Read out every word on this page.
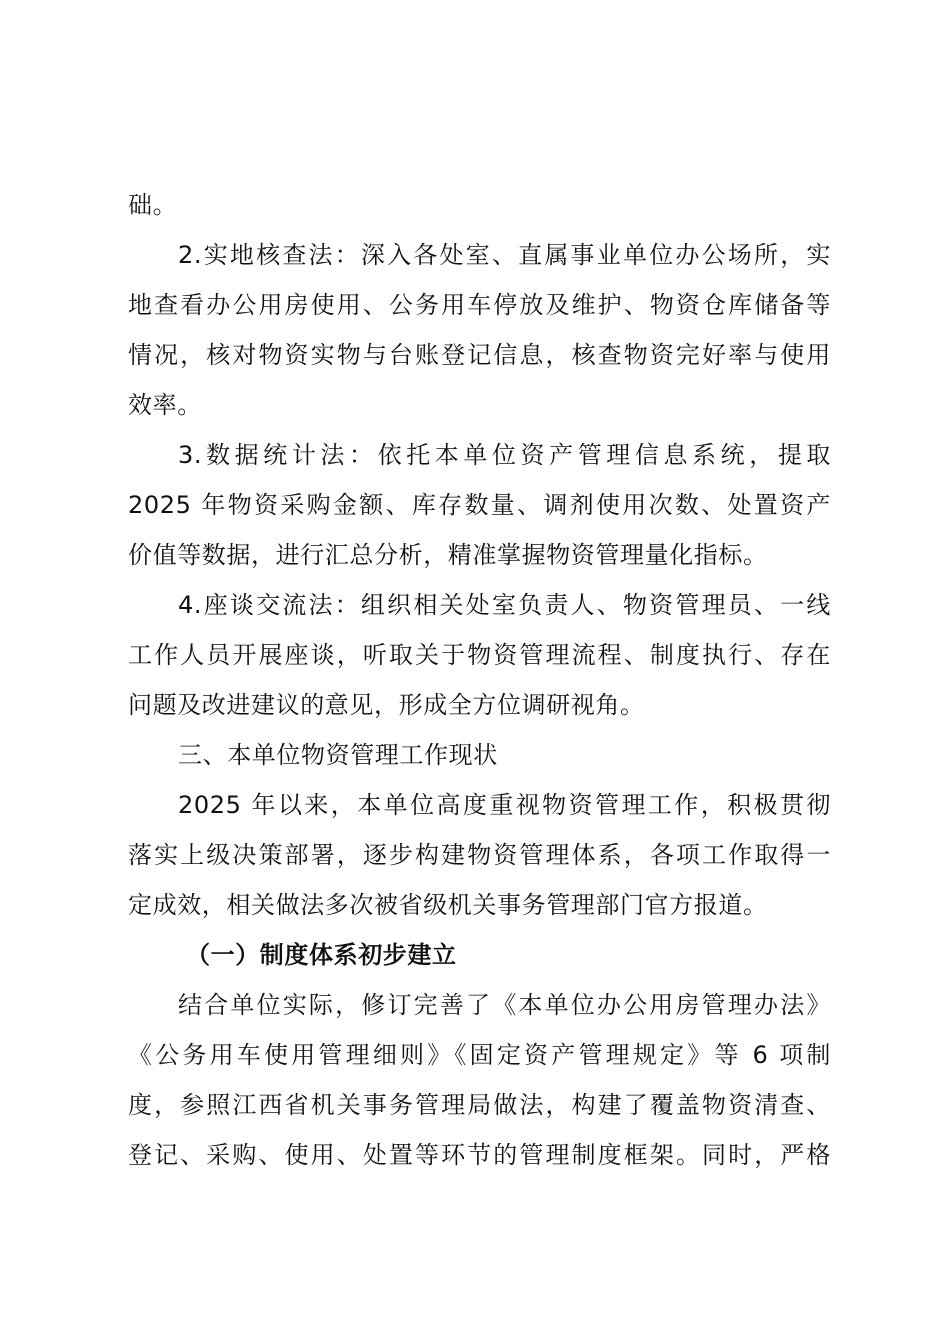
础。
2.实地核查法：深入各处室、直属事业单位办公场所，实
地查看办公用房使用、公务用车停放及维护、物资仓库储备等
情况，核对物资实物与台账登记信息，核查物资完好率与使用
效率。
3.数据统计法：依托本单位资产管理信息系统，提取
2025 年物资采购金额、库存数量、调剂使用次数、处置资产
价值等数据，进行汇总分析，精准掌握物资管理量化指标。
4.座谈交流法：组织相关处室负责人、物资管理员、一线
工作人员开展座谈，听取关于物资管理流程、制度执行、存在
问题及改进建议的意见，形成全方位调研视角。
三、本单位物资管理工作现状
2025 年以来，本单位高度重视物资管理工作，积极贯彻
落实上级决策部署，逐步构建物资管理体系，各项工作取得一
定成效，相关做法多次被省级机关事务管理部门官方报道。
（一）制度体系初步建立
结合单位实际，修订完善了《本单位办公用房管理办法》
《公务用车使用管理细则》《固定资产管理规定》等 6 项制
度，参照江西省机关事务管理局做法，构建了覆盖物资清查、
登记、采购、使用、处置等环节的管理制度框架。同时，严格
